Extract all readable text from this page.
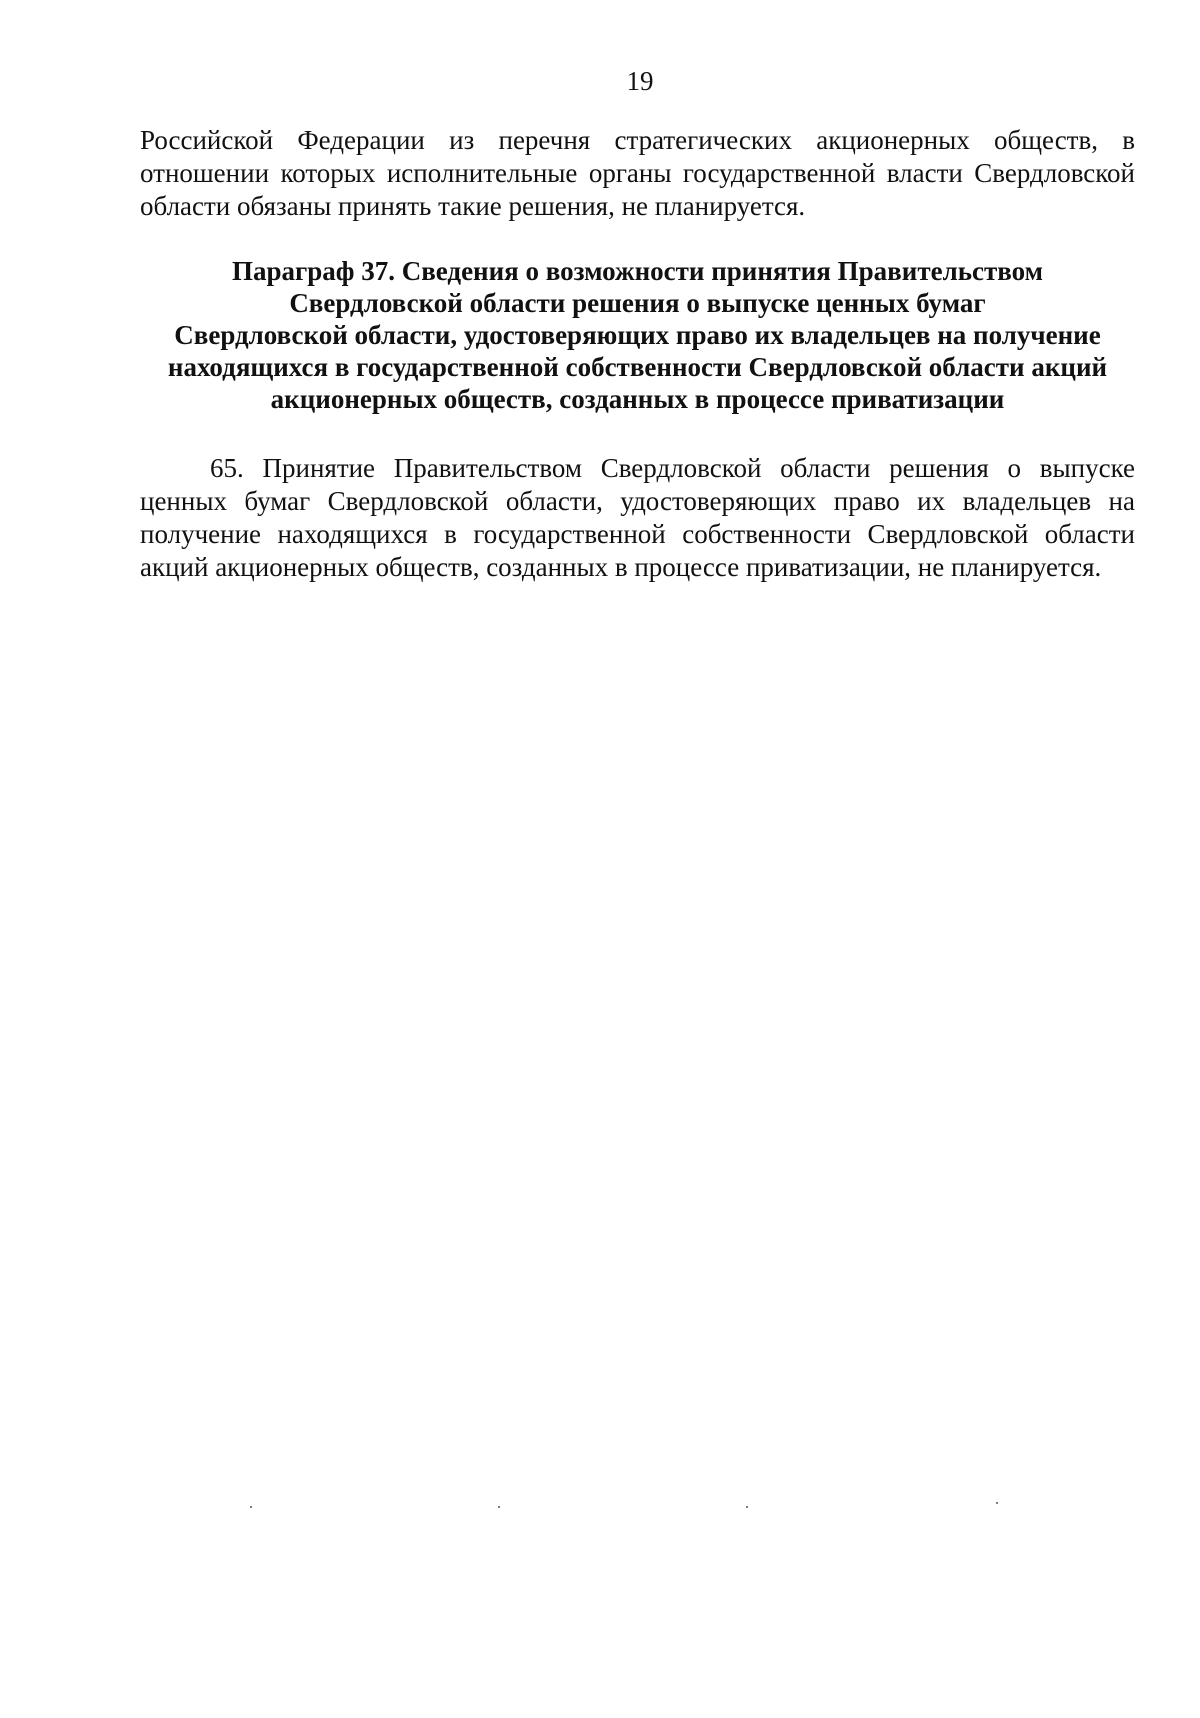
19

Российской Федерации из перечня стратегических акционерных обществ, в отношении которых исполнительные органы государственной власти Свердловской области обязаны принять такие решения, не планируется.

Параграф 37. Сведения о возможности принятия Правительством
Свердловской области решения о выпуске ценных бумаг
Свердловской области, удостоверяющих право их владельцев на получение
находящихся в государственной собственности Свердловской области акций
акционерных обществ, созданных в процессе приватизации

65. Принятие Правительством Свердловской области решения о выпуске ценных бумаг Свердловской области, удостоверяющих право их владельцев на получение находящихся в государственной собственности Свердловской области акций акционерных обществ, созданных в процессе приватизации, не планируется.
